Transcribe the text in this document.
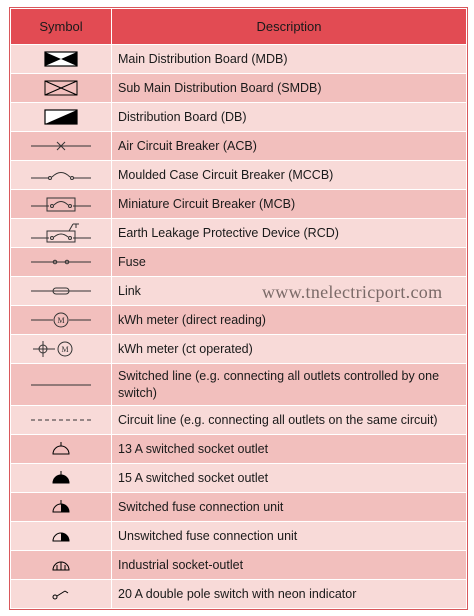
Symbol	Description

	Main Distribution Board (MDB)

	Sub Main Distribution Board (SMDB)

	Distribution Board (DB)

	Air Circuit Breaker (ACB)

	Moulded Case Circuit Breaker (MCCB)

	Miniature Circuit Breaker (MCB)

	Earth Leakage Protective Device (RCD)

	Fuse

	Link

M	kWh meter (direct reading)

M	kWh meter (ct operated)

	Switched line (e.g. connecting all outlets controlled by one switch)

	Circuit line (e.g. connecting all outlets on the same circuit)

	13 A switched socket outlet

	15 A switched socket outlet

	Switched fuse connection unit

	Unswitched fuse connection unit

	Industrial socket-outlet

	20 A double pole switch with neon indicator
www.tnelectricport.com
